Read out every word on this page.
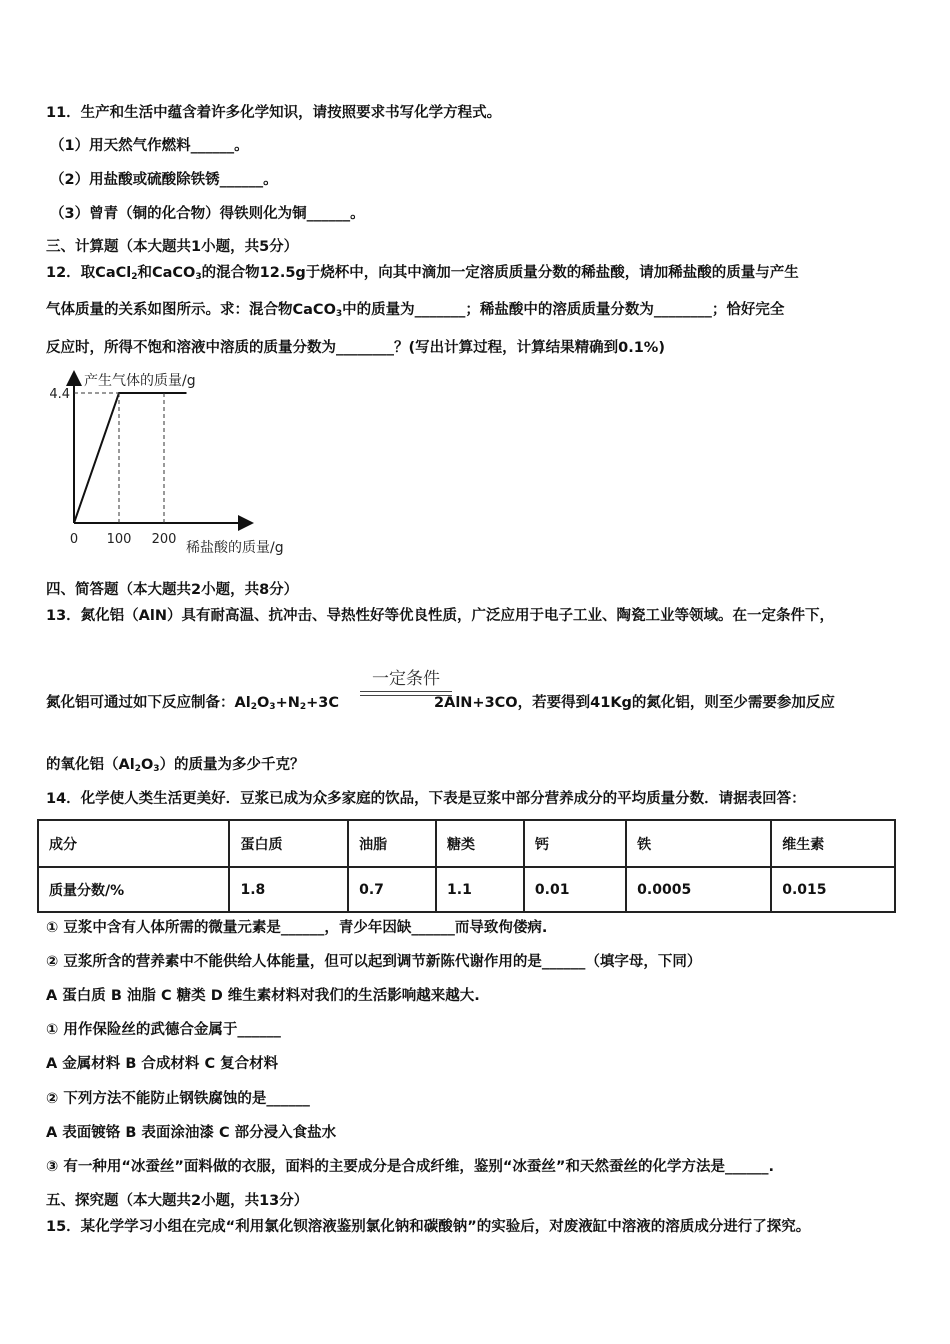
11．生产和生活中蕴含着许多化学知识，请按照要求书写化学方程式。
（1）用天然气作燃料______。
（2）用盐酸或硫酸除铁锈______。
（3）曾青（铜的化合物）得铁则化为铜______。
三、计算题（本大题共1小题，共5分）
12．取CaCl$_2$和CaCO$_3$的混合物12.5g于烧杯中，向其中滴加一定溶质质量分数的稀盐酸，请加稀盐酸的质量与产生
气体质量的关系如图所示。求：混合物CaCO$_3$中的质量为_______；稀盐酸中的溶质质量分数为________；恰好完全
反应时，所得不饱和溶液中溶质的质量分数为________？(写出计算过程，计算结果精确到0.1%)
产生气体的质量/g
稀盐酸的质量/g
0 100 200
4.4
四、简答题（本大题共2小题，共8分）
13．氮化铝（AlN）具有耐高温、抗冲击、导热性好等优良性质，广泛应用于电子工业、陶瓷工业等领域。在一定条件下，
一定条件
氮化铝可通过如下反应制备：$Al_2O_3+N_2+3C$	2AlN+3CO，若要得到41Kg的氮化铝，则至少需要参加反应
的氧化铝$(Al_2O_3)$的质量为多少千克？
14．化学使人类生活更美好．豆浆已成为众多家庭的饮品，下表是豆浆中部分营养成分的平均质量分数．请据表回答：
成分	蛋白质	油脂	糖类	钙	铁	维生素
质量分数/%	1.8	0.7	1.1	0.01	0.0005	0.015
① 豆浆中含有人体所需的微量元素是______，青少年因缺______而导致佝偻病.
② 豆浆所含的营养素中不能供给人体能量，但可以起到调节新陈代谢作用的是______（填字母，下同）
A 蛋白质 B 油脂 C 糖类 D 维生素材料对我们的生活影响越来越大.
① 用作保险丝的武德合金属于______
A 金属材料 B 合成材料 C 复合材料
② 下列方法不能防止钢铁腐蚀的是______
A 表面镀铬 B 表面涂油漆 C 部分浸入食盐水
③ 有一种用“冰蚕丝”面料做的衣服，面料的主要成分是合成纤维，鉴别“冰蚕丝”和天然蚕丝的化学方法是______.
五、探究题（本大题共2小题，共13分）
15．某化学学习小组在完成“利用氯化钡溶液鉴别氯化钠和碳酸钠”的实验后，对废液缸中溶液的溶质成分进行了探究。
